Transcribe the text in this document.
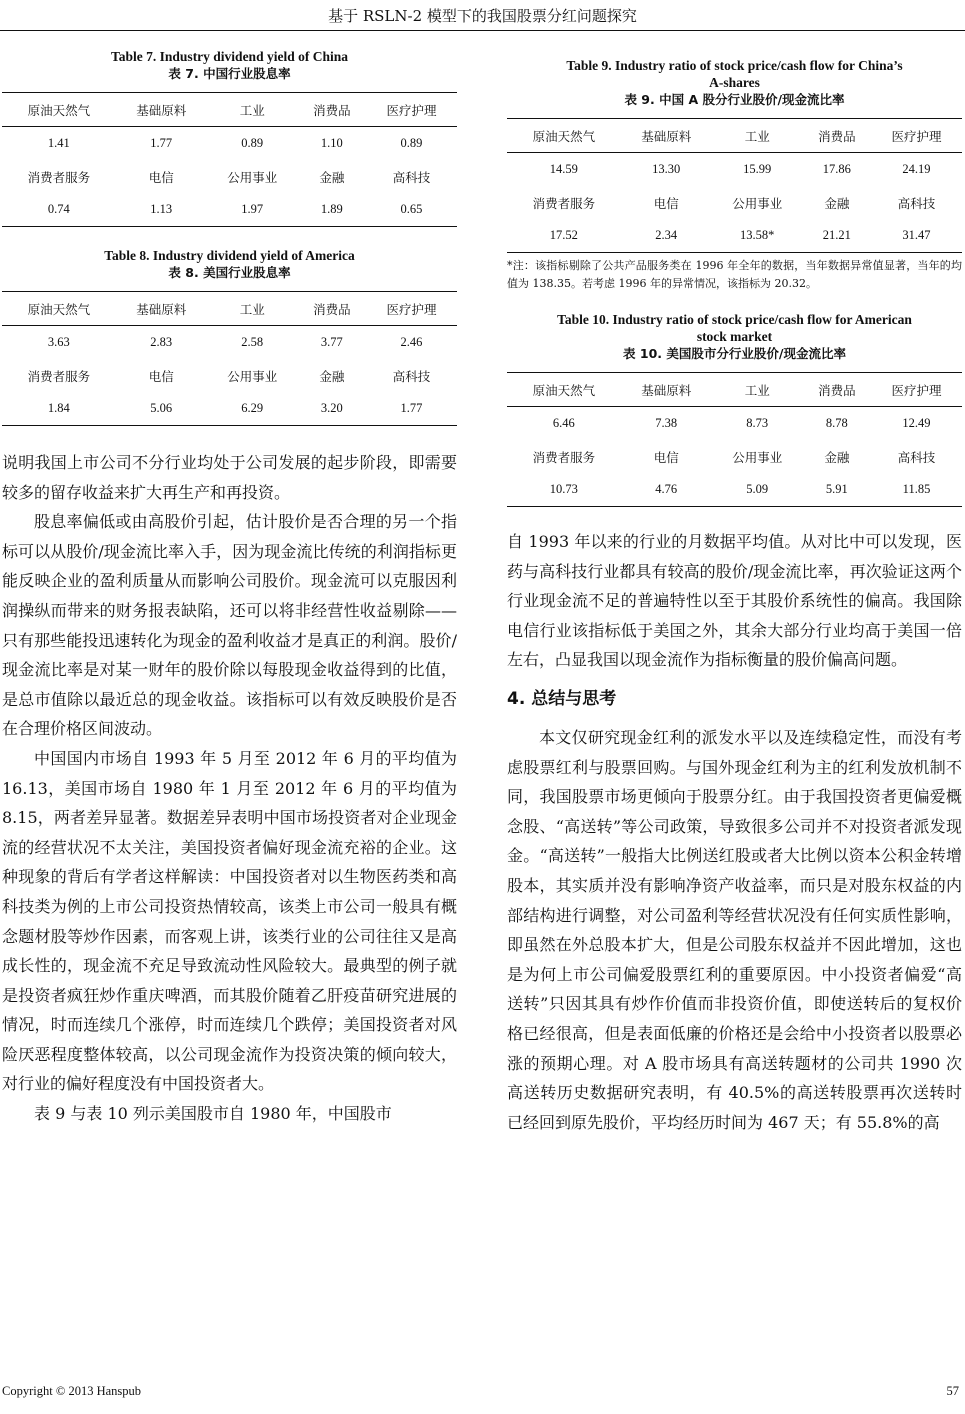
基于 RSLN-2 模型下的我国股票分红问题探究
Table 7. Industry dividend yield of China
表 7. 中国行业股息率
原油天然气	基础原料	工业	消费品	医疗护理
1.41	1.77	0.89	1.10	0.89
消费者服务	电信	公用事业	金融	高科技
0.74	1.13	1.97	1.89	0.65
Table 8. Industry dividend yield of America
表 8. 美国行业股息率
原油天然气	基础原料	工业	消费品	医疗护理
3.63	2.83	2.58	3.77	2.46
消费者服务	电信	公用事业	金融	高科技
1.84	5.06	6.29	3.20	1.77

说明我国上市公司不分行业均处于公司发展的起步阶段，即需要较多的留存收益来扩大再生产和再投资。

股息率偏低或由高股价引起，估计股价是否合理的另一个指标可以从股价/现金流比率入手，因为现金流比传统的利润指标更能反映企业的盈利质量从而影响公司股价。现金流可以克服因利润操纵而带来的财务报表缺陷，还可以将非经营性收益剔除——只有那些能投迅速转化为现金的盈利收益才是真正的利润。股价/现金流比率是对某一财年的股价除以每股现金收益得到的比值，是总市值除以最近总的现金收益。该指标可以有效反映股价是否在合理价格区间波动。

中国国内市场自 1993 年 5 月至 2012 年 6 月的平均值为 16.13，美国市场自 1980 年 1 月至 2012 年 6 月的平均值为 8.15，两者差异显著。数据差异表明中国市场投资者对企业现金流的经营状况不太关注，美国投资者偏好现金流充裕的企业。这种现象的背后有学者这样解读：中国投资者对以生物医药类和高科技类为例的上市公司投资热情较高，该类上市公司一般具有概念题材股等炒作因素，而客观上讲，该类行业的公司往往又是高成长性的，现金流不充足导致流动性风险较大。最典型的例子就是投资者疯狂炒作重庆啤酒，而其股价随着乙肝疫苗研究进展的情况，时而连续几个涨停，时而连续几个跌停；美国投资者对风险厌恶程度整体较高，以公司现金流作为投资决策的倾向较大，对行业的偏好程度没有中国投资者大。

表 9 与表 10 列示美国股市自 1980 年，中国股市

Table 9. Industry ratio of stock price/cash flow for China’s
A-shares
表 9. 中国 A 股分行业股价/现金流比率
原油天然气	基础原料	工业	消费品	医疗护理
14.59	13.30	15.99	17.86	24.19
消费者服务	电信	公用事业	金融	高科技
17.52	2.34	13.58*	21.21	31.47
*注：该指标剔除了公共产品服务类在 1996 年全年的数据，当年数据异常值显著，当年的均值为 138.35。若考虑 1996 年的异常情况，该指标为 20.32。
Table 10. Industry ratio of stock price/cash flow for American
stock market
表 10. 美国股市分行业股价/现金流比率
原油天然气	基础原料	工业	消费品	医疗护理
6.46	7.38	8.73	8.78	12.49
消费者服务	电信	公用事业	金融	高科技
10.73	4.76	5.09	5.91	11.85

自 1993 年以来的行业的月数据平均值。从对比中可以发现，医药与高科技行业都具有较高的股价/现金流比率，再次验证这两个行业现金流不足的普遍特性以至于其股价系统性的偏高。我国除电信行业该指标低于美国之外，其余大部分行业均高于美国一倍左右，凸显我国以现金流作为指标衡量的股价偏高问题。

4. 总结与思考

本文仅研究现金红利的派发水平以及连续稳定性，而没有考虑股票红利与股票回购。与国外现金红利为主的红利发放机制不同，我国股票市场更倾向于股票分红。由于我国投资者更偏爱概念股、“高送转”等公司政策，导致很多公司并不对投资者派发现金。“高送转”一般指大比例送红股或者大比例以资本公积金转增股本，其实质并没有影响净资产收益率，而只是对股东权益的内部结构进行调整，对公司盈利等经营状况没有任何实质性影响，即虽然在外总股本扩大，但是公司股东权益并不因此增加，这也是为何上市公司偏爱股票红利的重要原因。中小投资者偏爱“高送转”只因其具有炒作价值而非投资价值，即使送转后的复权价格已经很高，但是表面低廉的价格还是会给中小投资者以股票必涨的预期心理。对 A 股市场具有高送转题材的公司共 1990 次高送转历史数据研究表明，有 40.5%的高送转股票再次送转时已经回到原先股价，平均经历时间为 467 天；有 55.8%的高

Copyright © 2013 Hanspub	57
